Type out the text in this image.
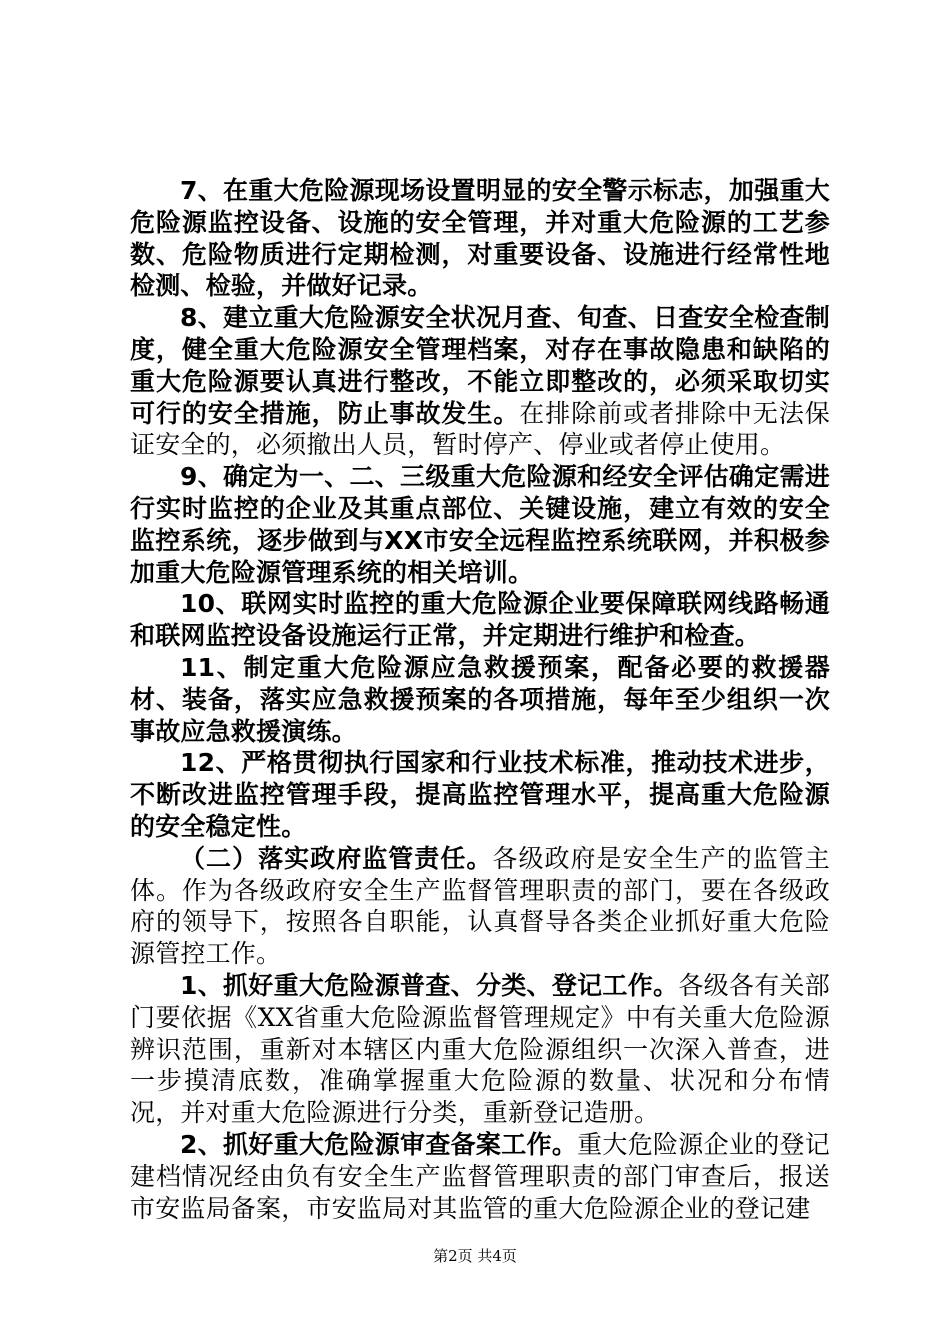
7、在重大危险源现场设置明显的安全警示标志，加强重大危险源监控设备、设施的安全管理，并对重大危险源的工艺参数、危险物质进行定期检测，对重要设备、设施进行经常性地检测、检验，并做好记录。

8、建立重大危险源安全状况月查、旬查、日查安全检查制度，健全重大危险源安全管理档案，对存在事故隐患和缺陷的重大危险源要认真进行整改，不能立即整改的，必须采取切实可行的安全措施，防止事故发生。在排除前或者排除中无法保证安全的，必须撤出人员，暂时停产、停业或者停止使用。

9、确定为一、二、三级重大危险源和经安全评估确定需进行实时监控的企业及其重点部位、关键设施，建立有效的安全监控系统，逐步做到与XX市安全远程监控系统联网，并积极参加重大危险源管理系统的相关培训。

10、联网实时监控的重大危险源企业要保障联网线路畅通和联网监控设备设施运行正常，并定期进行维护和检查。

11、制定重大危险源应急救援预案，配备必要的救援器材、装备，落实应急救援预案的各项措施，每年至少组织一次事故应急救援演练。

12、严格贯彻执行国家和行业技术标准，推动技术进步，不断改进监控管理手段，提高监控管理水平，提高重大危险源的安全稳定性。

（二）落实政府监管责任。各级政府是安全生产的监管主体。作为各级政府安全生产监督管理职责的部门，要在各级政府的领导下，按照各自职能，认真督导各类企业抓好重大危险源管控工作。

1、抓好重大危险源普查、分类、登记工作。各级各有关部门要依据《XX省重大危险源监督管理规定》中有关重大危险源辨识范围，重新对本辖区内重大危险源组织一次深入普查，进一步摸清底数，准确掌握重大危险源的数量、状况和分布情况，并对重大危险源进行分类，重新登记造册。

2、抓好重大危险源审查备案工作。重大危险源企业的登记建档情况经由负有安全生产监督管理职责的部门审查后，报送市安监局备案，市安监局对其监管的重大危险源企业的登记建

第2页 共4页
